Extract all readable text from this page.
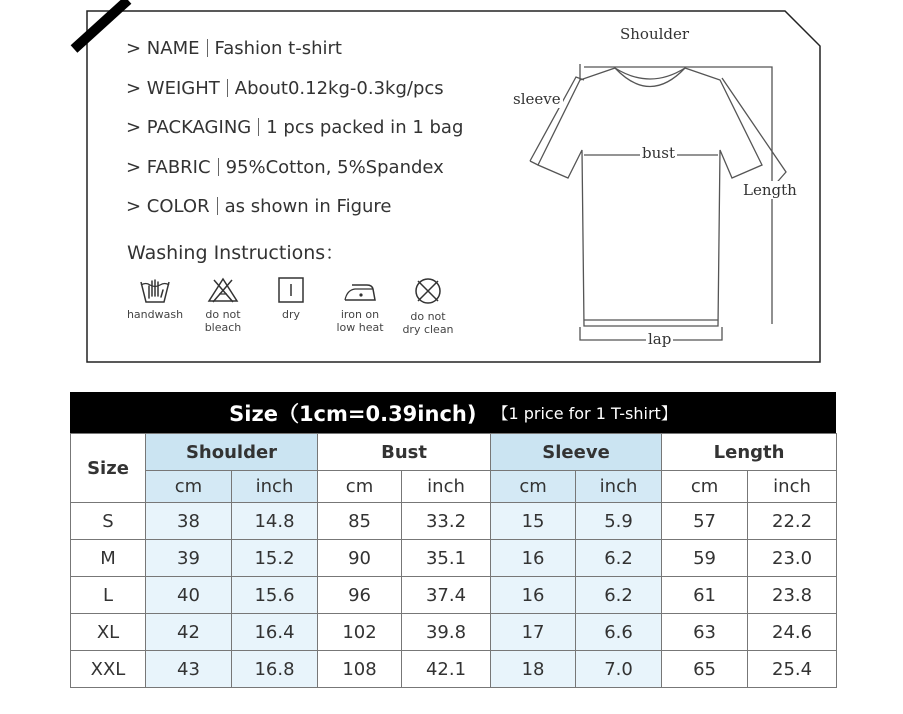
> NAME Fashion t-shirt
> WEIGHT About0.12kg-0.3kg/pcs
> PACKAGING 1 pcs packed in 1 bag
> FABRIC 95%Cotton, 5%Spandex
> COLOR as shown in Figure
Washing Instructions：
handwash	do not
bleach
dry	iron on
low heat
do not
dry clean
Shoulder
sleeve
bust
Length
lap
Size（1cm=0.39inch) 【1 price for 1 T-shirt】
Size	Shoulder		Bust		Sleeve		Length	
	cm	inch	cm	inch	cm	inch	cm	inch
S	38	14.8	85	33.2	15	5.9	57	22.2
M	39	15.2	90	35.1	16	6.2	59	23.0
L	40	15.6	96	37.4	16	6.2	61	23.8
XL	42	16.4	102	39.8	17	6.6	63	24.6
XXL	43	16.8	108	42.1	18	7.0	65	25.4
